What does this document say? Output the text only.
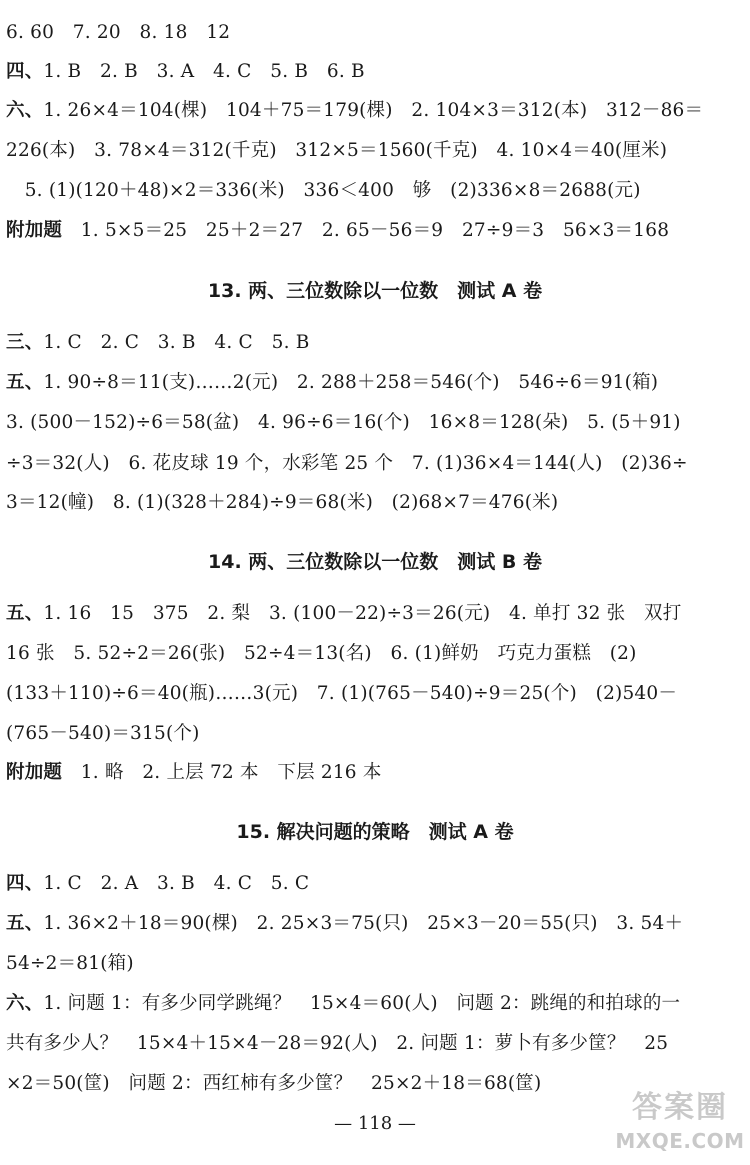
6. 60　7. 20　8. 18　12
四、1. B　2. B　3. A　4. C　5. B　6. B
六、1. 26×4＝104(棵)　104＋75＝179(棵)　2. 104×3＝312(本)　312－86＝
226(本)　3. 78×4＝312(千克)　312×5＝1560(千克)　4. 10×4＝40(厘米)
　5. (1)(120＋48)×2＝336(米)　336＜400　够　(2)336×8＝2688(元)
附加题　1. 5×5＝25　25＋2＝27　2. 65－56＝9　27÷9＝3　56×3＝168
13. 两、三位数除以一位数　测试 A 卷
三、1. C　2. C　3. B　4. C　5. B
五、1. 90÷8＝11(支)……2(元)　2. 288＋258＝546(个)　546÷6＝91(箱)
3. (500－152)÷6＝58(盆)　4. 96÷6＝16(个)　16×8＝128(朵)　5. (5＋91)
÷3＝32(人)　6. 花皮球 19 个，水彩笔 25 个　7. (1)36×4＝144(人)　(2)36÷
3＝12(幢)　8. (1)(328＋284)÷9＝68(米)　(2)68×7＝476(米)
14. 两、三位数除以一位数　测试 B 卷
五、1. 16　15　375　2. 梨　3. (100－22)÷3＝26(元)　4. 单打 32 张　双打
16 张　5. 52÷2＝26(张)　52÷4＝13(名)　6. (1)鲜奶　巧克力蛋糕　(2)
(133＋110)÷6＝40(瓶)……3(元)　7. (1)(765－540)÷9＝25(个)　(2)540－
(765－540)＝315(个)
附加题　1. 略　2. 上层 72 本　下层 216 本
15. 解决问题的策略　测试 A 卷
四、1. C　2. A　3. B　4. C　5. C
五、1. 36×2＋18＝90(棵)　2. 25×3＝75(只)　25×3－20＝55(只)　3. 54＋
54÷2＝81(箱)
六、1. 问题 1：有多少同学跳绳？　15×4＝60(人)　问题 2：跳绳的和拍球的一
共有多少人？　15×4＋15×4－28＝92(人)　2. 问题 1：萝卜有多少筐？　25
×2＝50(筐)　问题 2：西红柿有多少筐？　25×2＋18＝68(筐)
— 118 —	答案圈
MXQE.COM
